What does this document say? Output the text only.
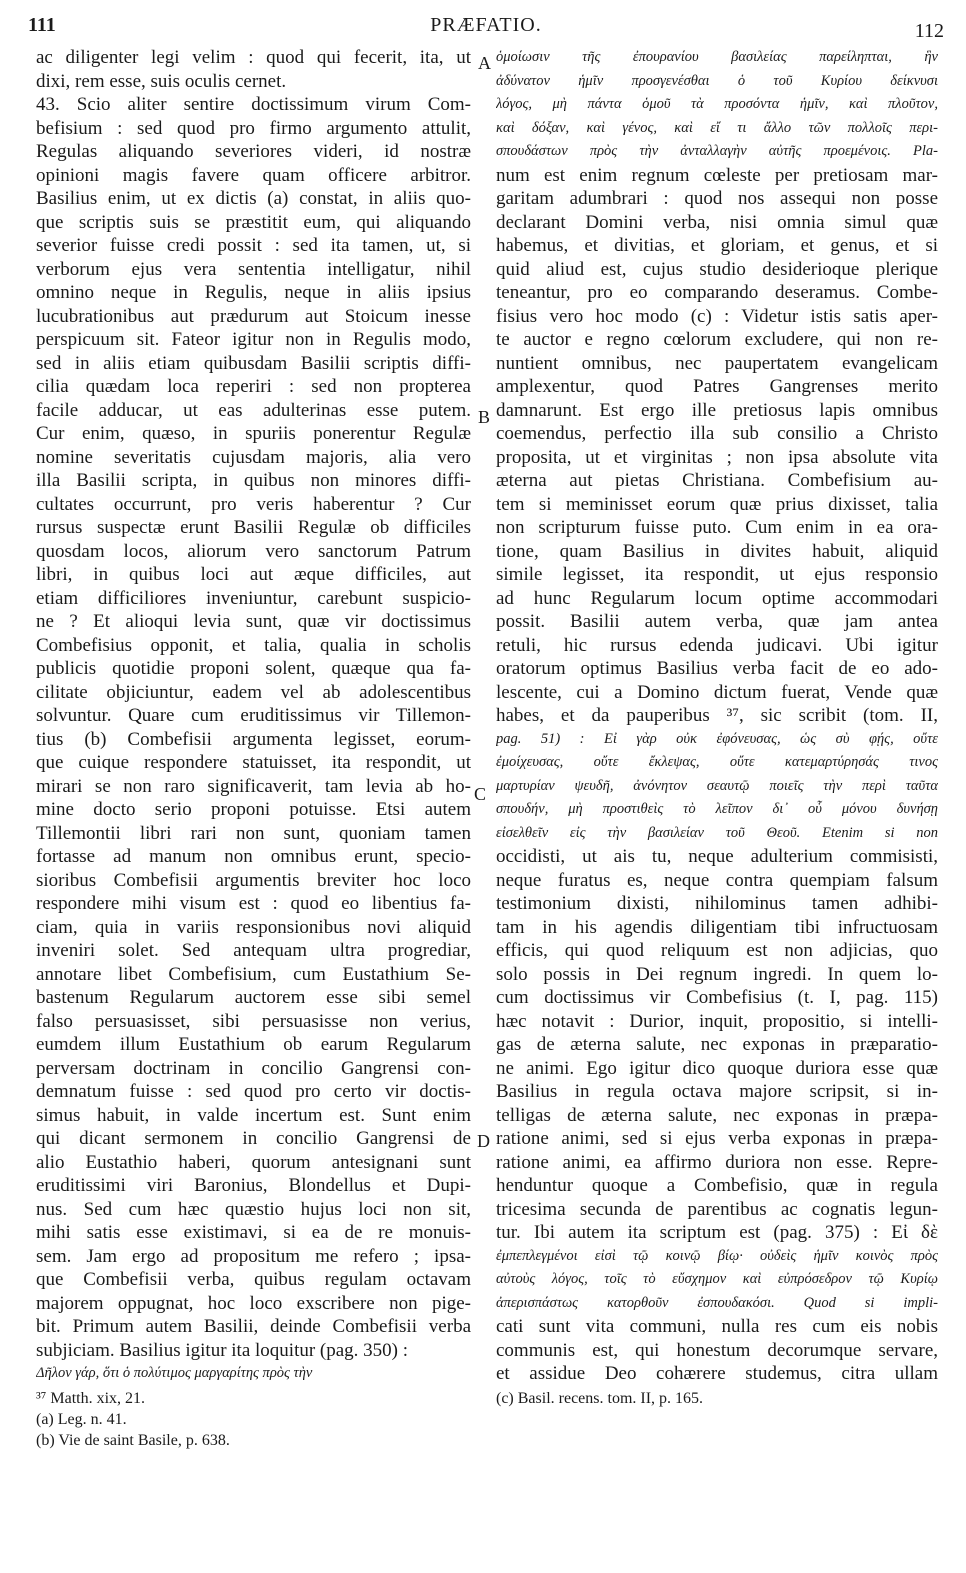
111	PRÆFATIO.	112
ac diligenter legi velim : quod qui fecerit, ita, ut
dixi, rem esse, suis oculis cernet.
43. Scio aliter sentire doctissimum virum Com-
befisium : sed quod pro firmo argumento attulit,
Regulas aliquando severiores videri, id nostræ
opinioni magis favere quam officere arbitror.
Basilius enim, ut ex dictis (a) constat, in aliis quo-
que scriptis suis se præstitit eum, qui aliquando
severior fuisse credi possit : sed ita tamen, ut, si
verborum ejus vera sententia intelligatur, nihil
omnino neque in Regulis, neque in aliis ipsius
lucubrationibus aut prædurum aut Stoicum inesse
perspicuum sit. Fateor igitur non in Regulis modo,
sed in aliis etiam quibusdam Basilii scriptis diffi-
cilia quædam loca reperiri : sed non propterea
facile adducar, ut eas adulterinas esse putem.
Cur enim, quæso, in spuriis ponerentur Regulæ
nomine severitatis cujusdam majoris, alia vero
illa Basilii scripta, in quibus non minores diffi-
cultates occurrunt, pro veris haberentur ? Cur
rursus suspectæ erunt Basilii Regulæ ob difficiles
quosdam locos, aliorum vero sanctorum Patrum
libri, in quibus loci aut æque difficiles, aut
etiam difficiliores inveniuntur, carebunt suspicio-
ne ? Et alioqui levia sunt, quæ vir doctissimus
Combefisius opponit, et talia, qualia in scholis
publicis quotidie proponi solent, quæque qua fa-
cilitate objiciuntur, eadem vel ab adolescentibus
solvuntur. Quare cum eruditissimus vir Tillemon-
tius (b) Combefisii argumenta legisset, eorum-
que cuique respondere statuisset, ita respondit, ut
mirari se non raro significaverit, tam levia ab ho-
mine docto serio proponi potuisse. Etsi autem
Tillemontii libri rari non sunt, quoniam tamen
fortasse ad manum non omnibus erunt, specio-
sioribus Combefisii argumentis breviter hoc loco
respondere mihi visum est : quod eo libentius fa-
ciam, quia in variis responsionibus novi aliquid
inveniri solet. Sed antequam ultra progrediar,
annotare libet Combefisium, cum Eustathium Se-
bastenum Regularum auctorem esse sibi semel
falso persuasisset, sibi persuasisse non verius,
eumdem illum Eustathium ob earum Regularum
perversam doctrinam in concilio Gangrensi con-
demnatum fuisse : sed quod pro certo vir doctis-
simus habuit, in valde incertum est. Sunt enim
qui dicant sermonem in concilio Gangrensi de
alio Eustathio haberi, quorum antesignani sunt
eruditissimi viri Baronius, Blondellus et Dupi-
nus. Sed cum hæc quæstio hujus loci non sit,
mihi satis esse existimavi, si ea de re monuis-
sem. Jam ergo ad propositum me refero ; ipsa-
que Combefisii verba, quibus regulam octavam
majorem oppugnat, hoc loco exscribere non pige-
bit. Primum autem Basilii, deinde Combefisii verba
subjiciam. Basilius igitur ita loquitur (pag. 350) :
Δῆλον γάρ, ὅτι ὁ πολύτιμος μαργαρίτης πρὸς τὴν
³⁷ Matth. xix, 21.
(a) Leg. n. 41.
(b) Vie de saint Basile, p. 638.
ὁμοίωσιν τῆς ἐπουρανίου βασιλείας παρείληπται, ἣν
ἀδύνατον ἡμῖν προσγενέσθαι ὁ τοῦ Κυρίου δείκνυσι
λόγος, μὴ πάντα ὁμοῦ τὰ προσόντα ἡμῖν, καὶ πλοῦτον,
καὶ δόξαν, καὶ γένος, καὶ εἴ τι ἄλλο τῶν πολλοῖς περι-
σπουδάστων πρὸς τὴν ἀνταλλαγὴν αὐτῆς προεμένοις. Pla-
num est enim regnum cœleste per pretiosam mar-
garitam adumbrari : quod nos assequi non posse
declarant Domini verba, nisi omnia simul quæ
habemus, et divitias, et gloriam, et genus, et si
quid aliud est, cujus studio desiderioque plerique
teneantur, pro eo comparando deseramus. Combe-
fisius vero hoc modo (c) : Videtur istis satis aper-
te auctor e regno cœlorum excludere, qui non re-
nuntient omnibus, nec paupertatem evangelicam
amplexentur, quod Patres Gangrenses merito
damnarunt. Est ergo ille pretiosus lapis omnibus
coemendus, perfectio illa sub consilio a Christo
proposita, ut et virginitas ; non ipsa absolute vita
æterna aut pietas Christiana. Combefisium au-
tem si meminisset eorum quæ prius dixisset, talia
non scripturum fuisse puto. Cum enim in ea ora-
tione, quam Basilius in divites habuit, aliquid
simile legisset, ita respondit, ut ejus responsio
ad hunc Regularum locum optime accommodari
possit. Basilii autem verba, quæ jam antea
retuli, hic rursus edenda judicavi. Ubi igitur
oratorum optimus Basilius verba facit de eo ado-
lescente, cui a Domino dictum fuerat, Vende quæ
habes, et da pauperibus ³⁷, sic scribit (tom. II,
pag. 51) : Εἰ γὰρ οὐκ ἐφόνευσας, ὡς σὺ φῄς, οὔτε
ἐμοίχευσας, οὔτε ἔκλεψας, οὔτε κατεμαρτύρησάς τινος
μαρτυρίαν ψευδῆ, ἀνόνητον σεαυτῷ ποιεῖς τὴν περὶ ταῦτα
σπουδήν, μὴ προστιθεὶς τὸ λεῖπον δι᾽ οὗ μόνου δυνήσῃ
εἰσελθεῖν εἰς τὴν βασιλείαν τοῦ Θεοῦ. Etenim si non
occidisti, ut ais tu, neque adulterium commisisti,
neque furatus es, neque contra quempiam falsum
testimonium dixisti, nihilominus tamen adhibi-
tam in his agendis diligentiam tibi infructuosam
efficis, qui quod reliquum est non adjicias, quo
solo possis in Dei regnum ingredi. In quem lo-
cum doctissimus vir Combefisius (t. I, pag. 115)
hæc notavit : Durior, inquit, propositio, si intelli-
gas de æterna salute, nec exponas in præparatio-
ne animi. Ego igitur dico quoque duriora esse quæ
Basilius in regula octava majore scripsit, si in-
telligas de æterna salute, nec exponas in præpa-
ratione animi, sed si ejus verba exponas in præpa-
ratione animi, ea affirmo duriora non esse. Repre-
henduntur quoque a Combefisio, quæ in regula
tricesima secunda de parentibus ac cognatis legun-
tur. Ibi autem ita scriptum est (pag. 375) : Εἰ δὲ
ἐμπεπλεγμένοι εἰσὶ τῷ κοινῷ βίῳ· οὐδεὶς ἡμῖν κοινὸς πρὸς
αὐτοὺς λόγος, τοῖς τὸ εὔσχημον καὶ εὐπρόσεδρον τῷ Κυρίῳ
ἀπερισπάστως κατορθοῦν ἐσπουδακόσι. Quod si impli-
cati sunt vita communi, nulla res cum eis nobis
communis est, qui honestum decorumque servare,
et assidue Deo cohærere studemus, citra ullam
(c) Basil. recens. tom. II, p. 165.
A
B
C
D
